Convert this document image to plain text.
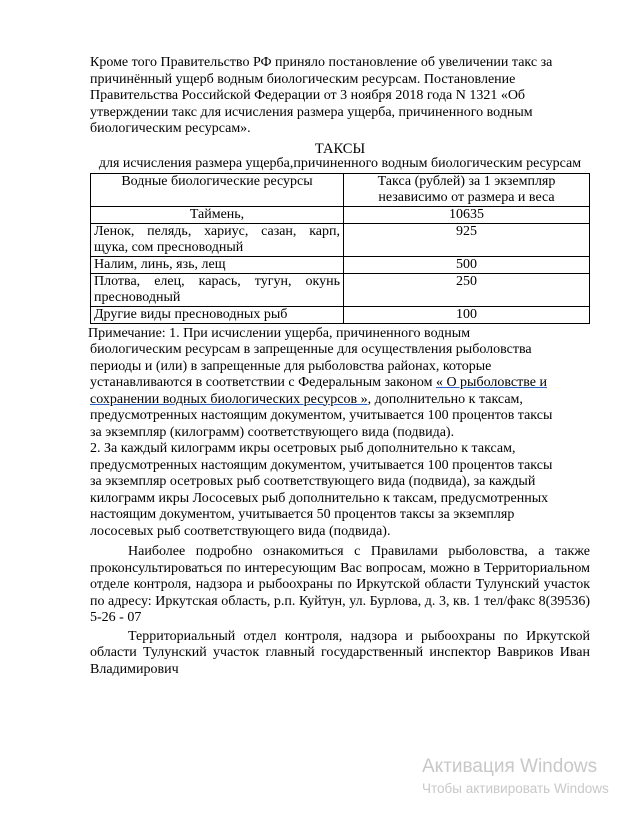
Кроме того Правительство РФ приняло постановление об увеличении такс за причинённый ущерб водным биологическим ресурсам. Постановление Правительства Российской Федерации от 3 ноября 2018 года N 1321 «Об утверждении такс для исчисления размера ущерба, причиненного водным биологическим ресурсам».

ТАКСЫ
для исчисления размера ущерба,причиненного водным биологическим ресурсам
Водные биологические ресурсы	Такса (рублей) за 1 экземпляр независимо от размера и веса
Таймень,	10635
Ленок, пелядь, хариус, сазан, карп, щука, сом пресноводный	925
Налим, линь, язь, лещ	500
Плотва, елец, карась, тугун, окунь пресноводный	250
Другие виды пресноводных рыб	100
Примечание: 1. При исчислении ущерба, причиненного водным
биологическим ресурсам в запрещенные для осуществления рыболовства
периоды и (или) в запрещенные для рыболовства районах, которые
устанавливаются в соответствии с Федеральным законом « О рыболовстве и
сохранении водных биологических ресурсов », дополнительно к таксам,
предусмотренных настоящим документом, учитывается 100 процентов таксы
за экземпляр (килограмм) соответствующего вида (подвида).
2. За каждый килограмм икры осетровых рыб дополнительно к таксам,
предусмотренных настоящим документом, учитывается 100 процентов таксы
за экземпляр осетровых рыб соответствующего вида (подвида), за каждый
килограмм икры Лососевых рыб дополнительно к таксам, предусмотренных
настоящим документом, учитывается 50 процентов таксы за экземпляр
лососевых рыб соответствующего вида (подвида).

Наиболее подробно ознакомиться с Правилами рыболовства, а также проконсультироваться по интересующим Вас вопросам, можно в Территориальном отделе контроля, надзора и рыбоохраны по Иркутской области Тулунский участок по адресу: Иркутская область, р.п. Куйтун, ул. Бурлова, д. 3, кв. 1 тел/факс 8(39536) 5-26 - 07

Территориальный отдел контроля, надзора и рыбоохраны по Иркутской области Тулунский участок главный государственный инспектор Вавриков Иван Владимирович

Активация Windows
Чтобы активировать Windows
